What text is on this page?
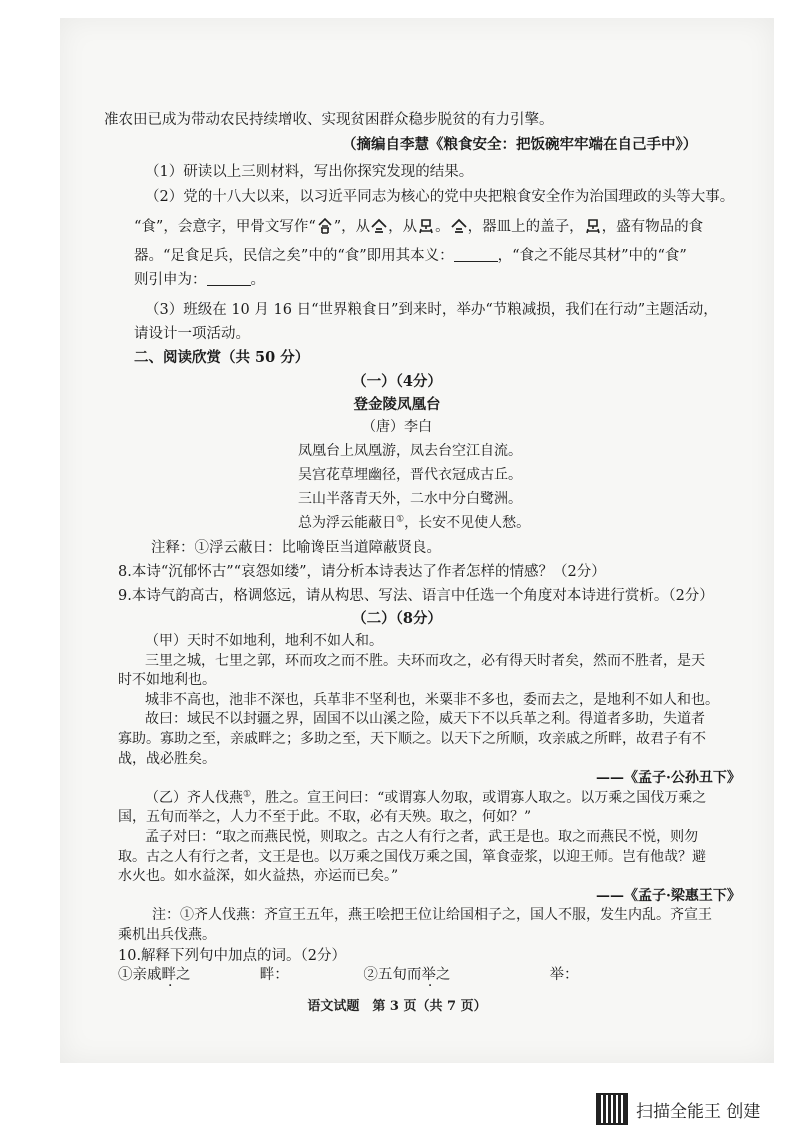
准农田已成为带动农民持续增收、实现贫困群众稳步脱贫的有力引擎。
（摘编自李慧《粮食安全：把饭碗牢牢端在自己手中》）
（1）研读以上三则材料，写出你探究发现的结果。
（2）党的十八大以来，以习近平同志为核心的党中央把粮食安全作为治国理政的头等大事。
“食”，会意字，甲骨文写作“ ”，从 ，从 。 ，器皿上的盖子， ，盛有物品的食
器。“足食足兵，民信之矣”中的“食”即用其本义：	，“食之不能尽其材”中的“食”
则引申为：	。
（3）班级在 10 月 16 日“世界粮食日”到来时，举办“节粮减损，我们在行动”主题活动，
请设计一项活动。
二、阅读欣赏（共 50 分）
（一）（4分）
登金陵凤凰台
（唐）李白
凤凰台上凤凰游，凤去台空江自流。
吴宫花草埋幽径，晋代衣冠成古丘。
三山半落青天外，二水中分白鹭洲。
总为浮云能蔽日①，长安不见使人愁。
注释：①浮云蔽日：比喻谗臣当道障蔽贤良。
8.本诗“沉郁怀古”“哀怨如缕”，请分析本诗表达了作者怎样的情感？（2分）
9.本诗气韵高古，格调悠远，请从构思、写法、语言中任选一个角度对本诗进行赏析。（2分）
（二）（8分）
（甲）天时不如地利，地利不如人和。
三里之城，七里之郭，环而攻之而不胜。夫环而攻之，必有得天时者矣，然而不胜者，是天
时不如地利也。
城非不高也，池非不深也，兵革非不坚利也，米粟非不多也，委而去之，是地利不如人和也。
故曰：域民不以封疆之界，固国不以山溪之险，威天下不以兵革之利。得道者多助，失道者
寡助。寡助之至，亲戚畔之；多助之至，天下顺之。以天下之所顺，攻亲戚之所畔，故君子有不
战，战必胜矣。
——《孟子·公孙丑下》
（乙）齐人伐燕①，胜之。宣王问曰：“或谓寡人勿取，或谓寡人取之。以万乘之国伐万乘之
国，五旬而举之，人力不至于此。不取，必有天殃。取之，何如？”
孟子对曰：“取之而燕民悦，则取之。古之人有行之者，武王是也。取之而燕民不悦，则勿
取。古之人有行之者，文王是也。以万乘之国伐万乘之国，箪食壶浆，以迎王师。岂有他哉？避
水火也。如水益深，如火益热，亦运而已矣。”
——《孟子·梁惠王下》
语文试题　第 3 页（共 7 页）
扫描全能王 创建
注：①齐人伐燕：齐宣王五年，燕王哙把王位让给国相子之，国人不服，发生内乱。齐宣王
乘机出兵伐燕。
10.解释下列句中加点的词。（2分）
①亲戚畔之	畔：	②五旬而举之	举：
